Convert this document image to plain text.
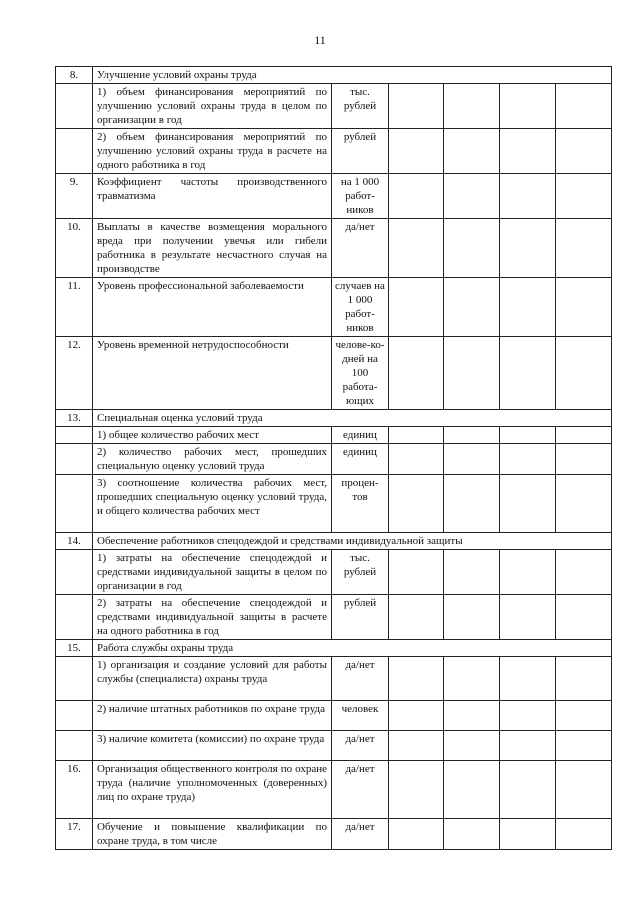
11
8.	Улучшение условий охраны труда					
	1) объем финансирования мероприятий по улучшению условий охраны труда в целом по организации в год	тыс. рублей				
	2) объем финансирования мероприятий по улучшению условий охраны труда в расчете на одного работника в год	рублей				
9.	Коэффициент частоты производственного травматизма	на 1 000 работ-ников				
10.	Выплаты в качестве возмещения морального вреда при получении увечья или гибели работника в результате несчастного случая на производстве	да/нет				
11.	Уровень профессиональной заболеваемости	случаев на 1 000 работ-ников				
12.	Уровень временной нетрудоспособности	челове-ко-дней на 100 работа-ющих				
13.	Специальная оценка условий труда					
	1) общее количество рабочих мест	единиц				
	2) количество рабочих мест, прошедших специальную оценку условий труда	единиц				
	3) соотношение количества рабочих мест, прошедших специальную оценку условий труда, и общего количества рабочих мест	процен-тов				
14.	Обеспечение работников спецодеждой и средствами индивидуальной защиты					
	1) затраты на обеспечение спецодеждой и средствами индивидуальной защиты в целом по организации в год	тыс. рублей				
	2) затраты на обеспечение спецодеждой и средствами индивидуальной защиты в расчете на одного работника в год	рублей				
15.	Работа службы охраны труда					
	1) организация и создание условий для работы службы (специалиста) охраны труда	да/нет				
	2) наличие штатных работников по охране труда	человек				
	3) наличие комитета (комиссии) по охране труда	да/нет				
16.	Организация общественного контроля по охране труда (наличие уполномоченных (доверенных) лиц по охране труда)	да/нет				
17.	Обучение и повышение квалификации по охране труда, в том числе	да/нет				
